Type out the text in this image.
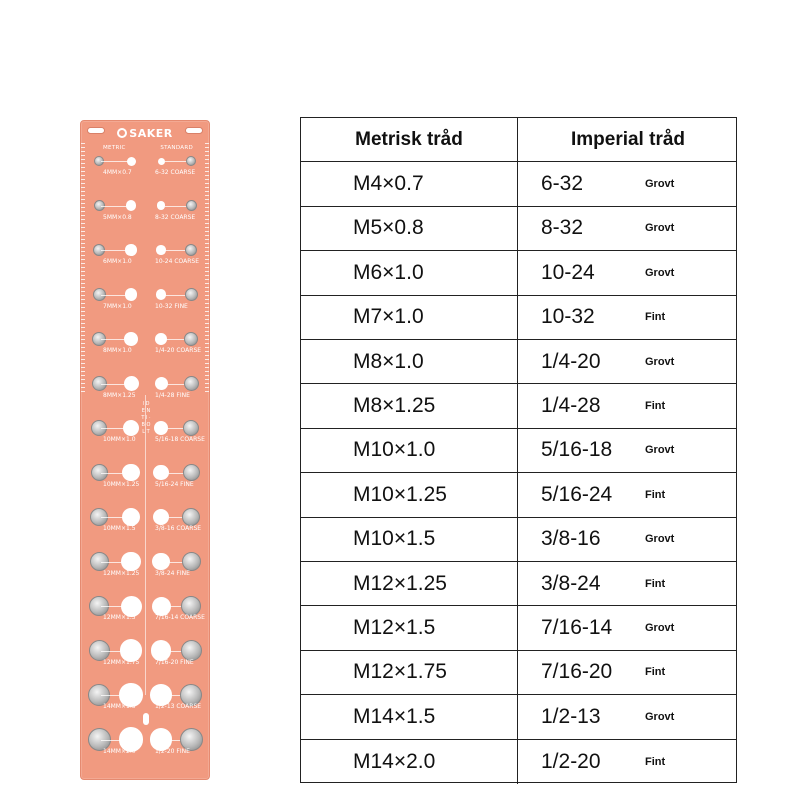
SAKER
METRIC	STANDARD
I D E N T I · B O L T
4MM×0.7	6-32 COARSE
5MM×0.8	8-32 COARSE
6MM×1.0	10-24 COARSE
7MM×1.0	10-32 FINE
8MM×1.0	1/4-20 COARSE
8MM×1.25	1/4-28 FINE
10MM×1.0	5/16-18 COARSE
10MM×1.25	5/16-24 FINE
10MM×1.5	3/8-16 COARSE
12MM×1.25	3/8-24 FINE
12MM×1.5	7/16-14 COARSE
12MM×1.75	7/16-20 FINE
14MM×1.5	1/2-13 COARSE
14MM×2.0	1/2-20 FINE
Metrisk tråd	Imperial tråd
M4×0.7	6-32	Grovt
M5×0.8	8-32	Grovt
M6×1.0	10-24	Grovt
M7×1.0	10-32	Fint
M8×1.0	1/4-20	Grovt
M8×1.25	1/4-28	Fint
M10×1.0	5/16-18	Grovt
M10×1.25	5/16-24	Fint
M10×1.5	3/8-16	Grovt
M12×1.25	3/8-24	Fint
M12×1.5	7/16-14	Grovt
M12×1.75	7/16-20	Fint
M14×1.5	1/2-13	Grovt
M14×2.0	1/2-20	Fint
